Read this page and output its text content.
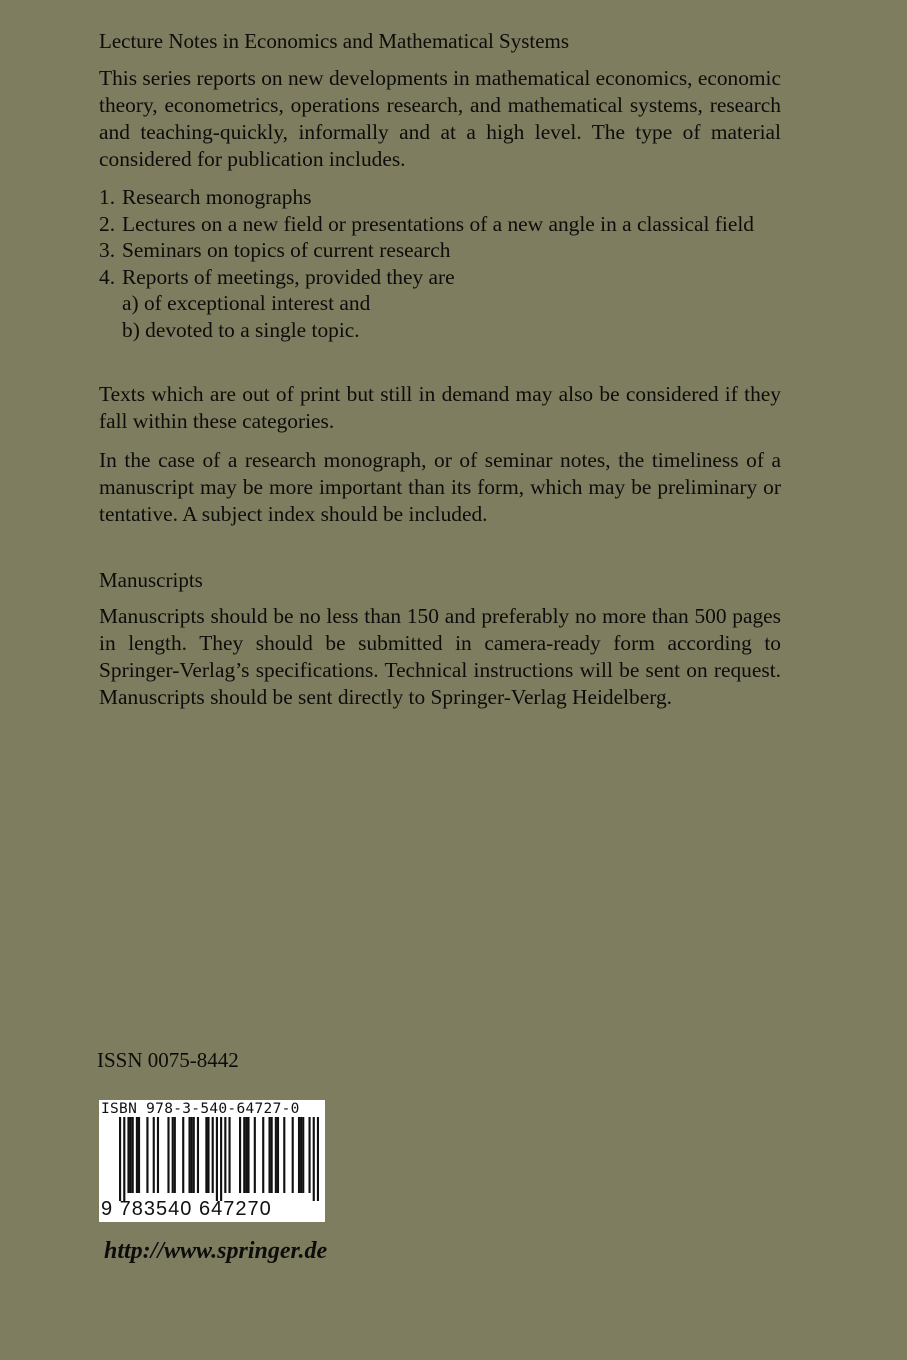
Lecture Notes in Economics and Mathematical Systems
This series reports on new developments in mathematical economics, economic theory, econometrics, operations research, and mathematical systems, research and teaching-quickly, informally and at a high level. The type of material considered for publication includes.
1. Research monographs
2. Lectures on a new field or presentations of a new angle in a classical field
3. Seminars on topics of current research
4. Reports of meetings, provided they are
a) of exceptional interest and
b) devoted to a single topic.
Texts which are out of print but still in demand may also be considered if they fall within these categories.
In the case of a research monograph, or of seminar notes, the timeliness of a manuscript may be more important than its form, which may be preliminary or tentative. A subject index should be included.
Manuscripts
Manuscripts should be no less than 150 and preferably no more than 500 pages in length. They should be submitted in camera-ready form according to Springer-Verlag’s specifications. Technical instructions will be sent on request. Manuscripts should be sent directly to Springer-Verlag Heidelberg.
ISSN 0075-8442
ISBN 978-3-540-64727-0
9 783540 647270
http://www.springer.de
